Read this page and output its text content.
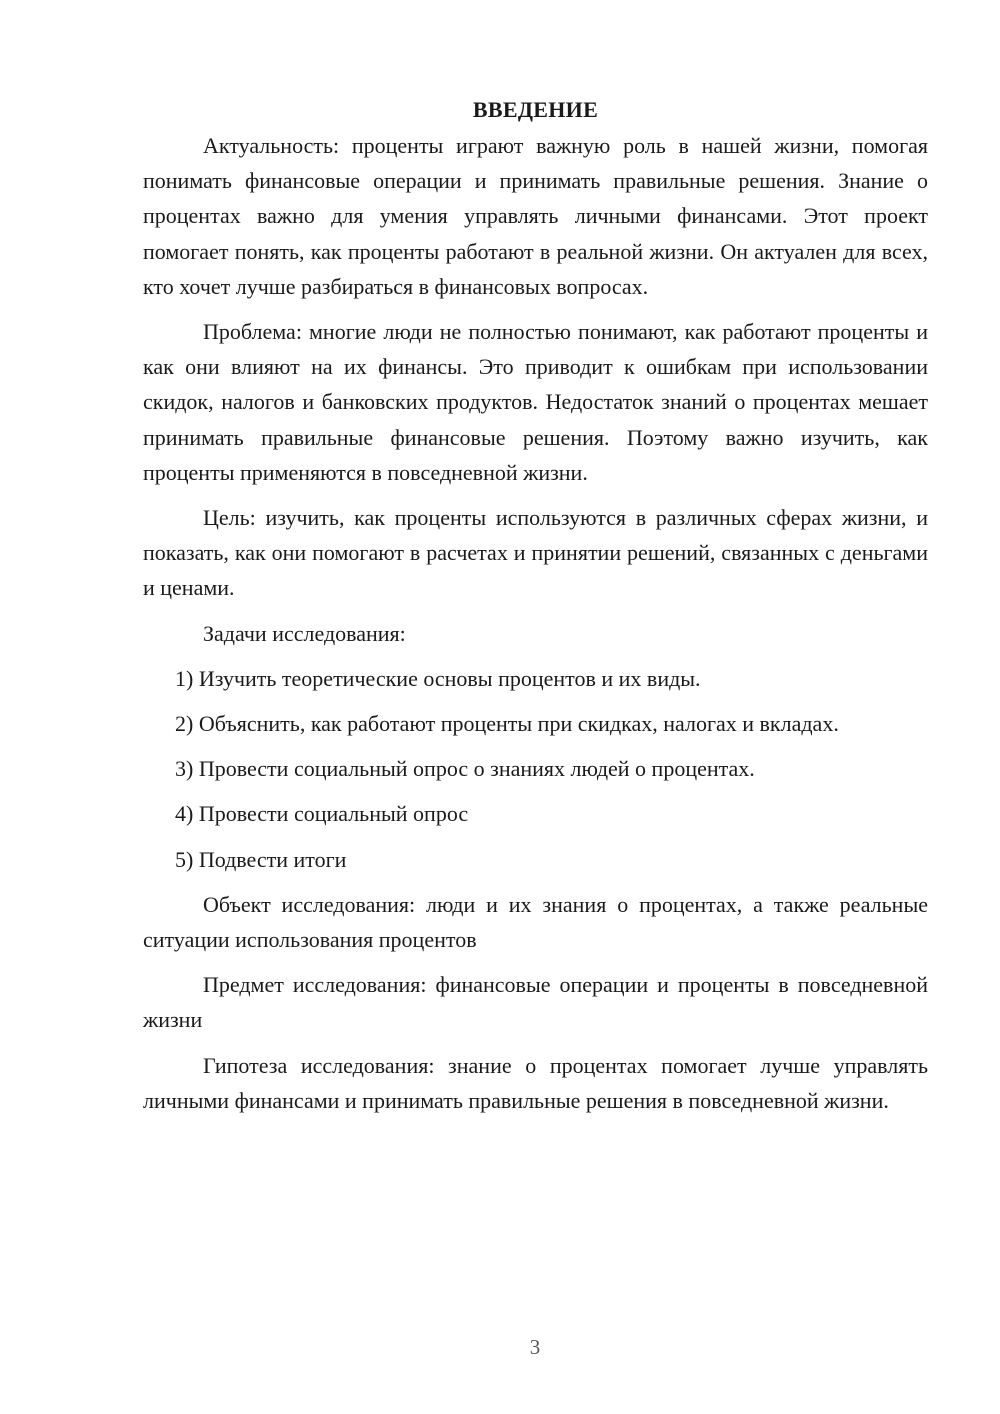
ВВЕДЕНИЕ

Актуальность: проценты играют важную роль в нашей жизни, помогая понимать финансовые операции и принимать правильные решения. Знание о процентах важно для умения управлять личными финансами. Этот проект помогает понять, как проценты работают в реальной жизни. Он актуален для всех, кто хочет лучше разбираться в финансовых вопросах.

Проблема: многие люди не полностью понимают, как работают проценты и как они влияют на их финансы. Это приводит к ошибкам при использовании скидок, налогов и банковских продуктов. Недостаток знаний о процентах мешает принимать правильные финансовые решения. Поэтому важно изучить, как проценты применяются в повседневной жизни.

Цель: изучить, как проценты используются в различных сферах жизни, и показать, как они помогают в расчетах и принятии решений, связанных с деньгами и ценами.

Задачи исследования:

1) Изучить теоретические основы процентов и их виды.

2) Объяснить, как работают проценты при скидках, налогах и вкладах.

3) Провести социальный опрос о знаниях людей о процентах.

4) Провести социальный опрос

5) Подвести итоги

Объект исследования: люди и их знания о процентах, а также реальные ситуации использования процентов

Предмет исследования: финансовые операции и проценты в повседневной жизни

Гипотеза исследования: знание о процентах помогает лучше управлять личными финансами и принимать правильные решения в повседневной жизни.

3
